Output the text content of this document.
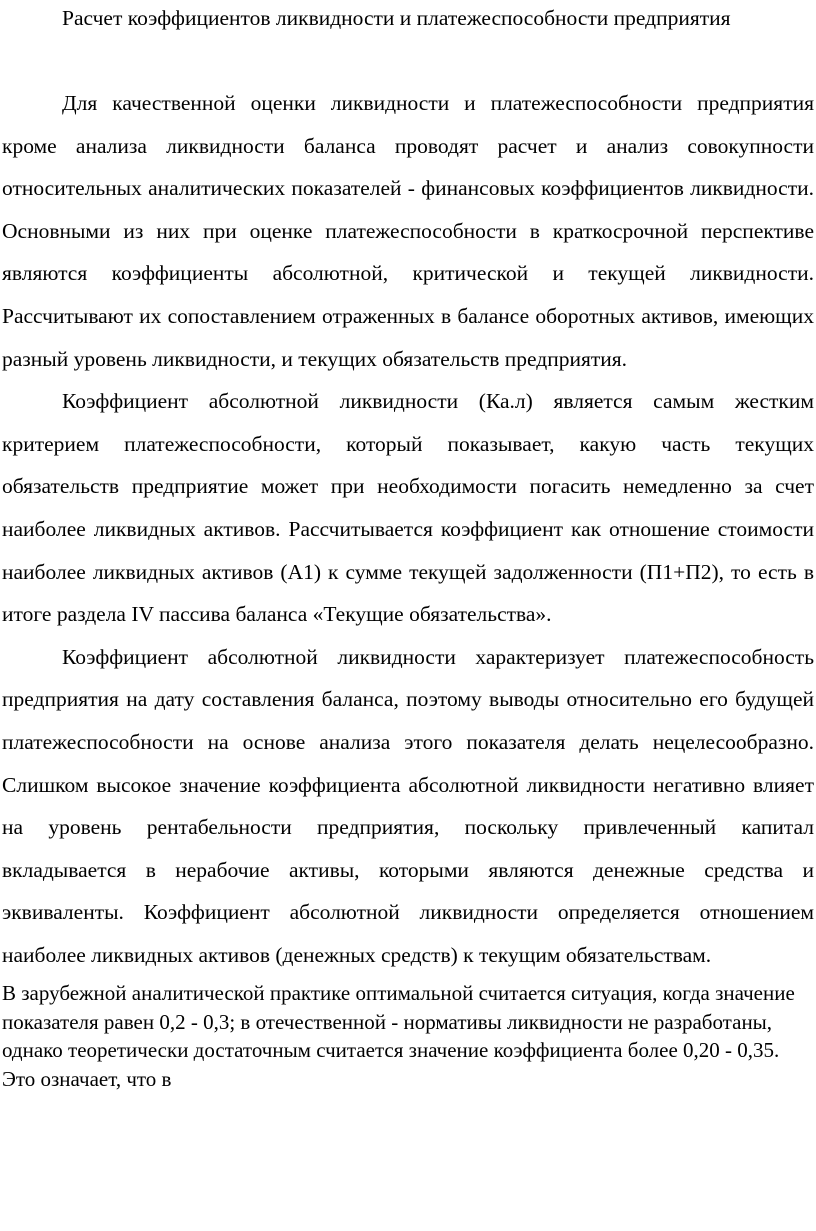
Расчет коэффициентов ликвидности и платежеспособности предприятия

Для качественной оценки ликвидности и платежеспособности предприятия кроме анализа ликвидности баланса проводят расчет и анализ совокупности относительных аналитических показателей - финансовых коэффициентов ликвидности. Основными из них при оценке платежеспособности в краткосрочной перспективе являются коэффициенты абсолютной, критической и текущей ликвидности. Рассчитывают их сопоставлением отраженных в балансе оборотных активов, имеющих разный уровень ликвидности, и текущих обязательств предприятия.

Коэффициент абсолютной ликвидности (Ка.л) является самым жестким критерием платежеспособности, который показывает, какую часть текущих обязательств предприятие может при необходимости погасить немедленно за счет наиболее ликвидных активов. Рассчитывается коэффициент как отношение стоимости наиболее ликвидных активов (А1) к сумме текущей задолженности (П1+П2), то есть в итоге раздела IV пассива баланса «Текущие обязательства».

Коэффициент абсолютной ликвидности характеризует платежеспособность предприятия на дату составления баланса, поэтому выводы относительно его будущей платежеспособности на основе анализа этого показателя делать нецелесообразно. Слишком высокое значение коэффициента абсолютной ликвидности негативно влияет на уровень рентабельности предприятия, поскольку привлеченный капитал вкладывается в нерабочие активы, которыми являются денежные средства и эквиваленты. Коэффициент абсолютной ликвидности определяется отношением наиболее ликвидных активов (денежных средств) к текущим обязательствам.

В зарубежной аналитической практике оптимальной считается ситуация, когда значение показателя равен 0,2 - 0,3; в отечественной - нормативы ликвидности не разработаны, однако теоретически достаточным считается значение коэффициента более 0,20 - 0,35. Это означает, что в
